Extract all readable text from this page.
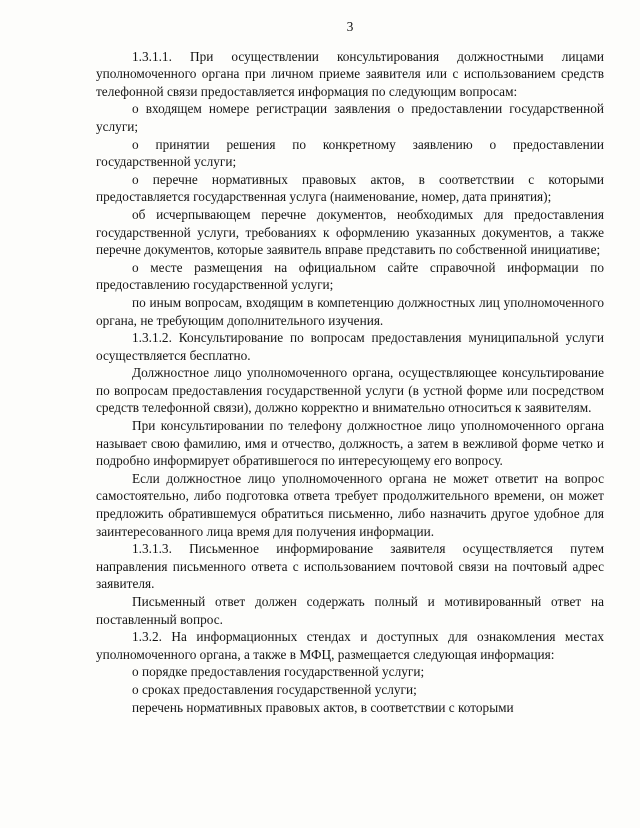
3

1.3.1.1. При осуществлении консультирования должностными лицами уполномоченного органа при личном приеме заявителя или с использованием средств телефонной связи предоставляется информация по следующим вопросам:

о входящем номере регистрации заявления о предоставлении государственной услуги;

о принятии решения по конкретному заявлению о предоставлении государственной услуги;

о перечне нормативных правовых актов, в соответствии с которыми предоставляется государственная услуга (наименование, номер, дата принятия);

об исчерпывающем перечне документов, необходимых для предоставления государственной услуги, требованиях к оформлению указанных документов, а также перечне документов, которые заявитель вправе представить по собственной инициативе;

о месте размещения на официальном сайте справочной информации по предоставлению государственной услуги;

по иным вопросам, входящим в компетенцию должностных лиц уполномоченного органа, не требующим дополнительного изучения.

1.3.1.2. Консультирование по вопросам предоставления муниципальной услуги осуществляется бесплатно.

Должностное лицо уполномоченного органа, осуществляющее консультирование по вопросам предоставления государственной услуги (в устной форме или посредством средств телефонной связи), должно корректно и внимательно относиться к заявителям.

При консультировании по телефону должностное лицо уполномоченного органа называет свою фамилию, имя и отчество, должность, а затем в вежливой форме четко и подробно информирует обратившегося по интересующему его вопросу.

Если должностное лицо уполномоченного органа не может ответит на вопрос самостоятельно, либо подготовка ответа требует продолжительного времени, он может предложить обратившемуся обратиться письменно, либо назначить другое удобное для заинтересованного лица время для получения информации.

1.3.1.3. Письменное информирование заявителя осуществляется путем направления письменного ответа с использованием почтовой связи на почтовый адрес заявителя.

Письменный ответ должен содержать полный и мотивированный ответ на поставленный вопрос.

1.3.2. На информационных стендах и доступных для ознакомления местах уполномоченного органа, а также в МФЦ, размещается следующая информация:

о порядке предоставления государственной услуги;

о сроках предоставления государственной услуги;

перечень нормативных правовых актов, в соответствии с которыми
